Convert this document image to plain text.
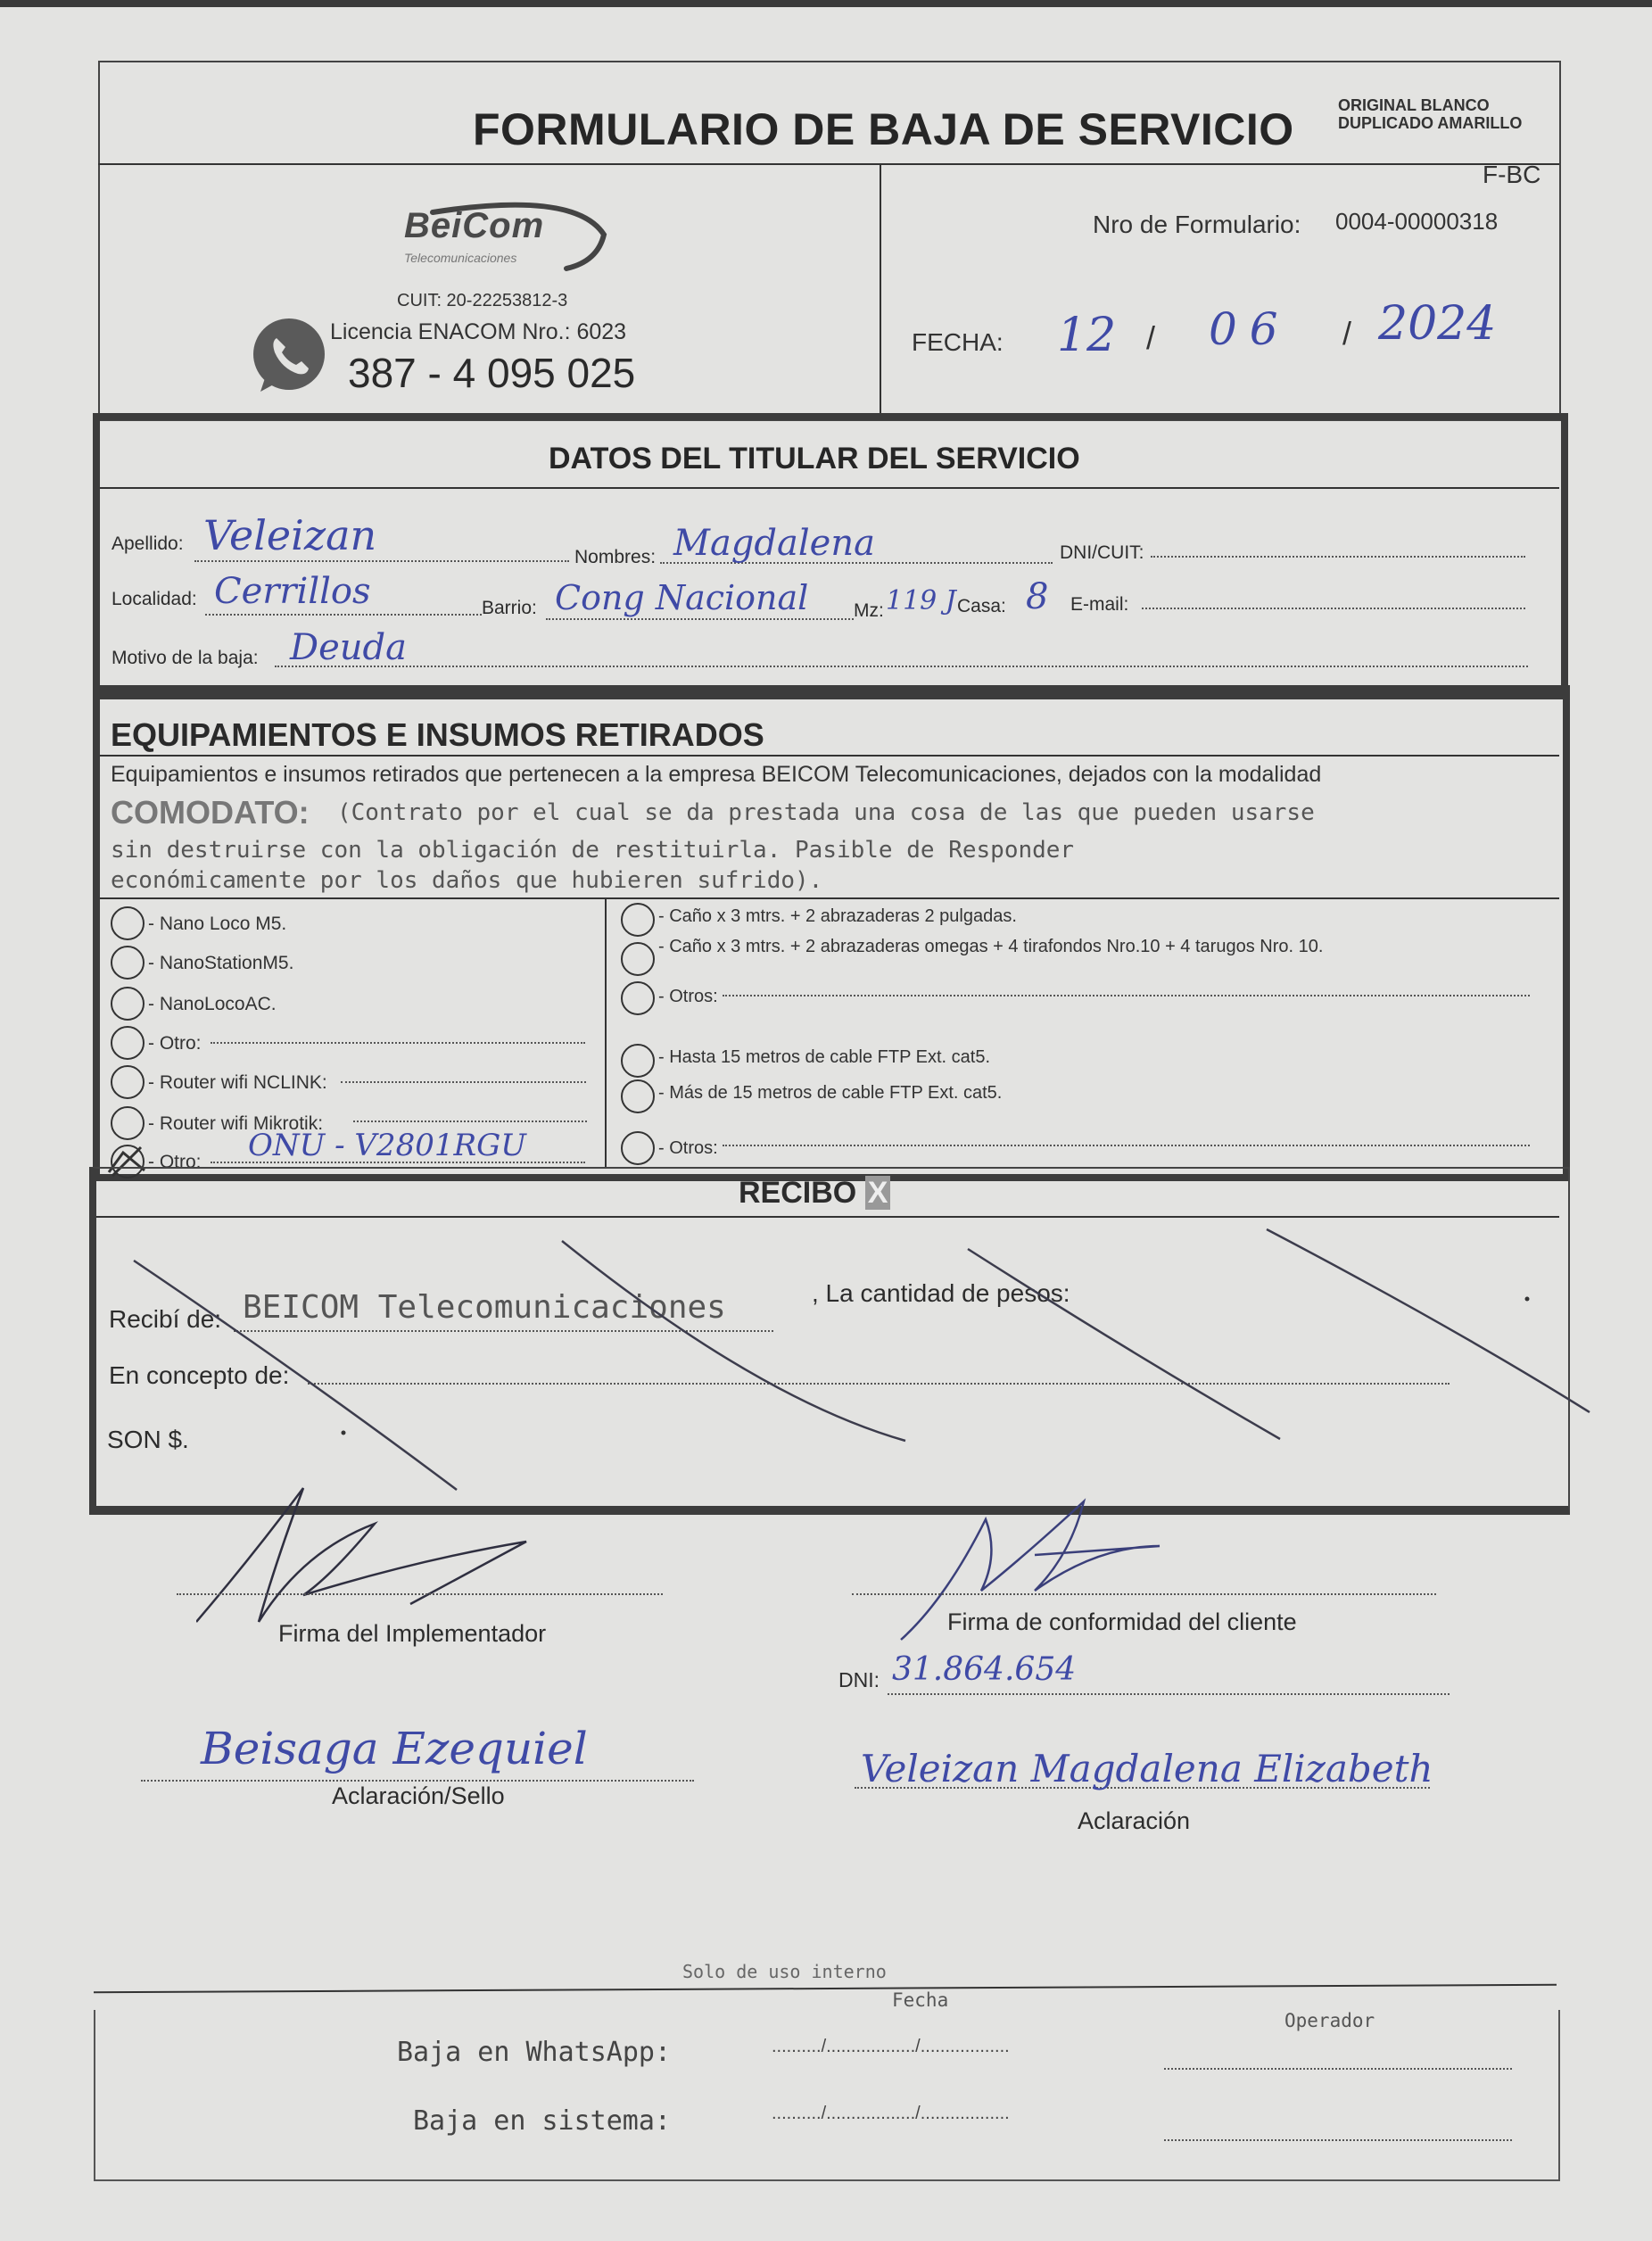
FORMULARIO DE BAJA DE SERVICIO	ORIGINAL BLANCO
DUPLICADO AMARILLO
F-BC
BeiCom
Telecomunicaciones
CUIT: 20-22253812-3
Licencia ENACOM Nro.: 6023
387 - 4 095 025
Nro de Formulario: 0004-00000318
FECHA: 12 / 06 / 2024
DATOS DEL TITULAR DEL SERVICIO
Apellido: Veleizan	Nombres: Magdalena	DNI/CUIT:
Localidad: Cerrillos	Barrio: Cong Nacional Mz: 119 J Casa: 8 E-mail:
Motivo de la baja: Deuda
EQUIPAMIENTOS E INSUMOS RETIRADOS
Equipamientos e insumos retirados que pertenecen a la empresa BEICOM Telecomunicaciones, dejados con la modalidad
COMODATO: (Contrato por el cual se da prestada una cosa de las que pueden usarse
sin destruirse con la obligación de restituirla. Pasible de Responder
económicamente por los daños que hubieren sufrido).
- Nano Loco M5.
- NanoStationM5.
- NanoLocoAC.
- Otro:
- Router wifi NCLINK:
- Router wifi Mikrotik:
- Otro: ONU - V2801RGU
- Caño x 3 mtrs. + 2 abrazaderas 2 pulgadas.
- Caño x 3 mtrs. + 2 abrazaderas omegas + 4 tirafondos Nro.10 + 4 tarugos Nro. 10.
- Otros:
- Hasta 15 metros de cable FTP Ext. cat5.
- Más de 15 metros de cable FTP Ext. cat5.
- Otros:
RECIBO X
Recibí de: BEICOM Telecomunicaciones	, La cantidad de pesos:
En concepto de:
SON $.
Firma del Implementador	Firma de conformidad del cliente
DNI: 31.864.654
Beisaga Ezequiel
Aclaración/Sello
Veleizan Magdalena Elizabeth
Aclaración
Solo de uso interno
Fecha
Operador
Baja en WhatsApp:	........../................../..................
Baja en sistema:	........../................../..................
